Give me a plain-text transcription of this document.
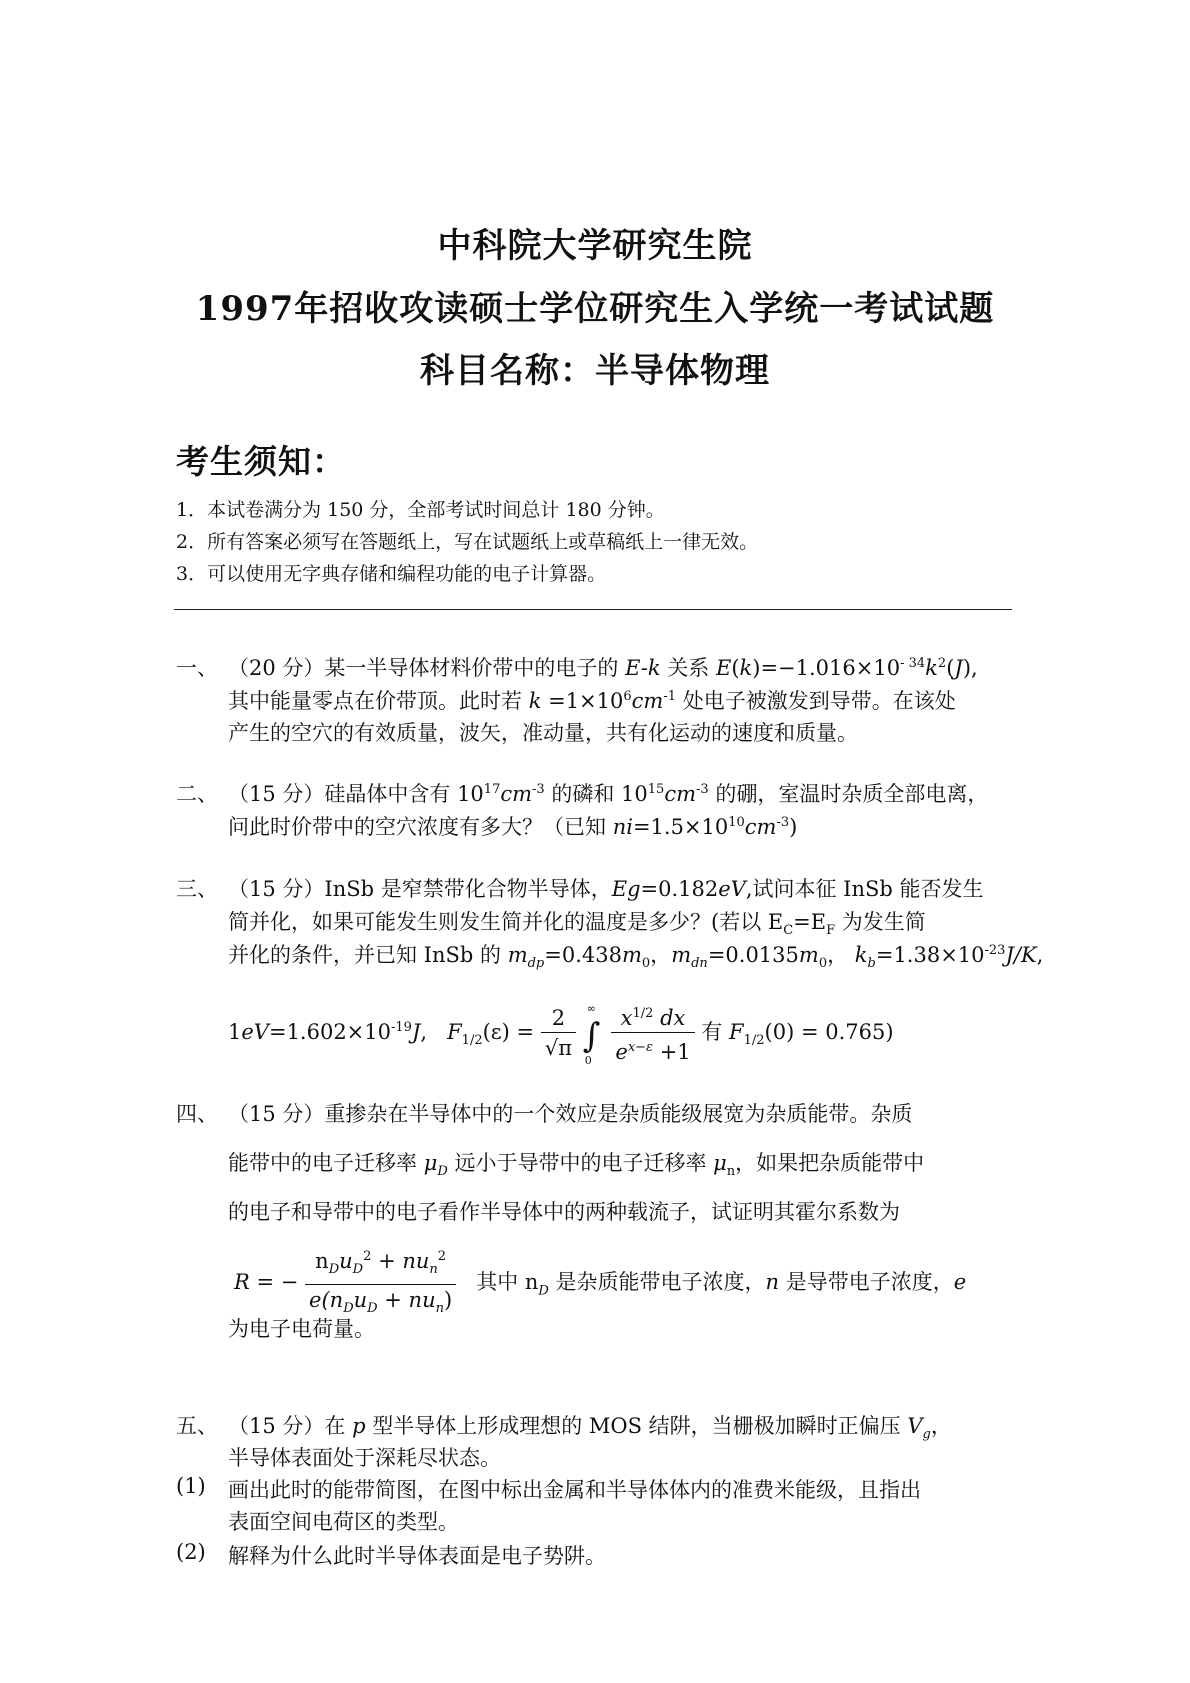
中科院大学研究生院
1997年招收攻读硕士学位研究生入学统一考试试题
科目名称：半导体物理
考生须知：
1．本试卷满分为 150 分，全部考试时间总计 180 分钟。
2．所有答案必须写在答题纸上，写在试题纸上或草稿纸上一律无效。
3．可以使用无字典存储和编程功能的电子计算器。
一、 （20 分）某一半导体材料价带中的电子的 E-k 关系 $E(k)=-1.016\times 10^{- 34}k^2(J)$,
其中能量零点在价带顶。此时若 $k =1\times 10^6cm^{-1}$ 处电子被激发到导带。在该处
产生的空穴的有效质量，波矢，准动量，共有化运动的速度和质量。
二、 （15 分）硅晶体中含有 $10^{17}cm^{-3}$ 的磷和 $10^{15}cm^{-3}$ 的硼，室温时杂质全部电离，
问此时价带中的空穴浓度有多大？（已知 $ni=1.5\times 10^{10}cm^{-3}$)
三、 （15 分）InSb 是窄禁带化合物半导体，Eg=0.182eV,试问本征 InSb 能否发生
简并化，如果可能发生则发生简并化的温度是多少？(若以 $E_C=E_F$ 为发生简
并化的条件，并已知 InSb 的 $m_{dp}=0.438m_0$，$m_{dn}=0.0135m_0$， $k_b=1.38\times 10^{-23}J/K$,
$1eV=1.602\times 10^{-19}J$, $F_{1/2}(\varepsilon) = \frac{2}{√\pi}$
∞
∫
0
$\frac{x^{1/2} dx}{e^{x-\varepsilon} +1}$ 有 $F_{1/2}(0) = 0.765$)
四、 （15 分）重掺杂在半导体中的一个效应是杂质能级展宽为杂质能带。杂质
能带中的电子迁移率 $\mu_D$ 远小于导带中的电子迁移率 $\mu_n$，如果把杂质能带中
的电子和导带中的电子看作半导体中的两种载流子，试证明其霍尔系数为
R = − $\frac{n_Du_D^2 + nu_n^2}{e(n_Du_D + nu_n)}$ 其中 $n_D$ 是杂质能带电子浓度，n 是导带电子浓度，e
为电子电荷量。
五、 （15 分）在 p 型半导体上形成理想的 MOS 结阱，当栅极加瞬时正偏压 $V_g$，
半导体表面处于深耗尽状态。
(1) 画出此时的能带简图，在图中标出金属和半导体体内的准费米能级，且指出
表面空间电荷区的类型。
(2) 解释为什么此时半导体表面是电子势阱。
